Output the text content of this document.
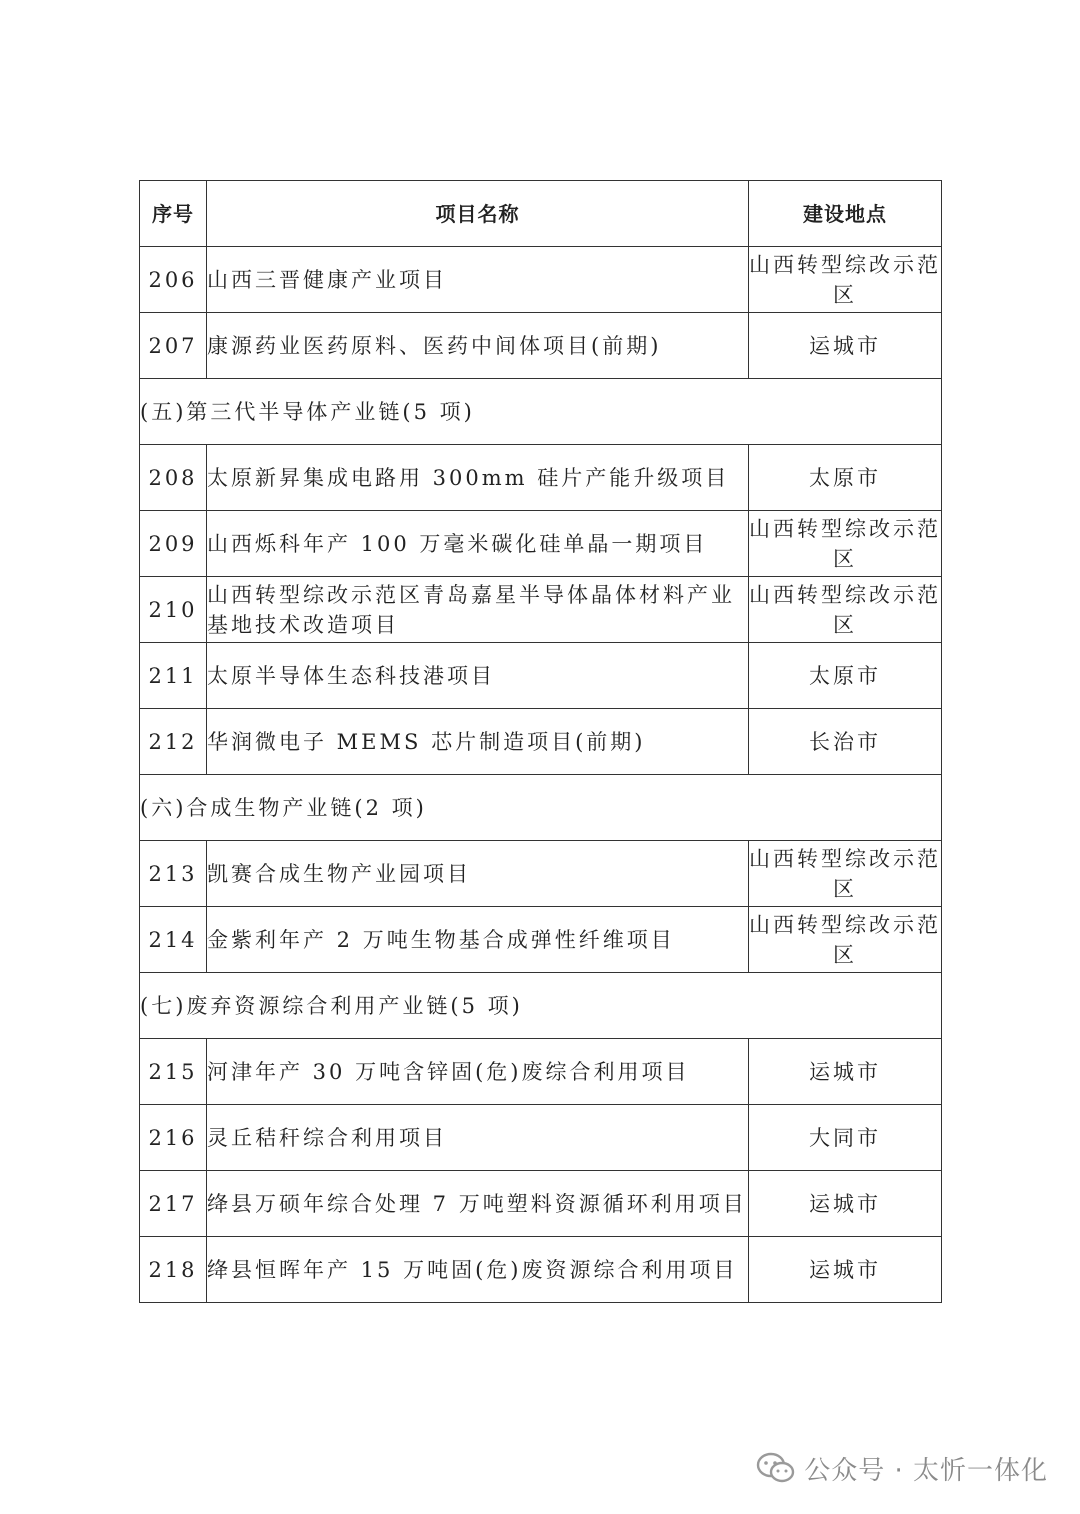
序号	项目名称	建设地点
206	山西三晋健康产业项目	山西转型综改示范区
207	康源药业医药原料、医药中间体项目(前期)	运城市
(五)第三代半导体产业链(5 项)		
208	太原新昇集成电路用 300mm 硅片产能升级项目	太原市
209	山西烁科年产 100 万毫米碳化硅单晶一期项目	山西转型综改示范区
210	山西转型综改示范区青岛嘉星半导体晶体材料产业基地技术改造项目	山西转型综改示范区
211	太原半导体生态科技港项目	太原市
212	华润微电子 MEMS 芯片制造项目(前期)	长治市
(六)合成生物产业链(2 项)		
213	凯赛合成生物产业园项目	山西转型综改示范区
214	金紫利年产 2 万吨生物基合成弹性纤维项目	山西转型综改示范区
(七)废弃资源综合利用产业链(5 项)		
215	河津年产 30 万吨含锌固(危)废综合利用项目	运城市
216	灵丘秸秆综合利用项目	大同市
217	绛县万硕年综合处理 7 万吨塑料资源循环利用项目	运城市
218	绛县恒晖年产 15 万吨固(危)废资源综合利用项目	运城市
公众号 · 太忻一体化
